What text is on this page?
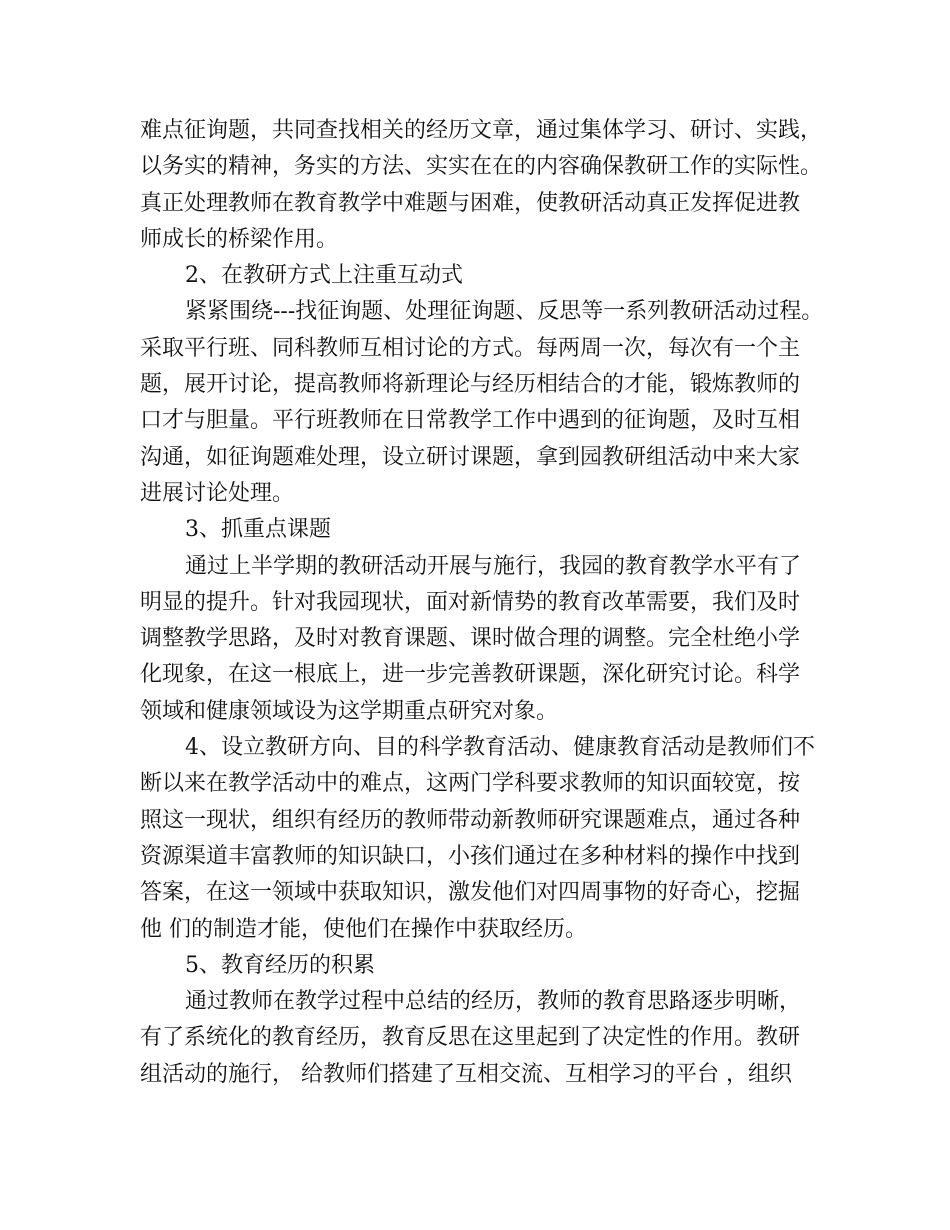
难点征询题，共同查找相关的经历文章，通过集体学习、研讨、实践，
以务实的精神，务实的方法、实实在在的内容确保教研工作的实际性。
真正处理教师在教育教学中难题与困难，使教研活动真正发挥促进教
师成长的桥梁作用。
2、在教研方式上注重互动式
紧紧围绕---找征询题、处理征询题、反思等一系列教研活动过程。
采取平行班、同科教师互相讨论的方式。每两周一次，每次有一个主
题，展开讨论，提高教师将新理论与经历相结合的才能，锻炼教师的
口才与胆量。平行班教师在日常教学工作中遇到的征询题，及时互相
沟通，如征询题难处理，设立研讨课题，拿到园教研组活动中来大家
进展讨论处理。
3、抓重点课题
通过上半学期的教研活动开展与施行，我园的教育教学水平有了
明显的提升。针对我园现状，面对新情势的教育改革需要，我们及时
调整教学思路，及时对教育课题、课时做合理的调整。完全杜绝小学
化现象，在这一根底上，进一步完善教研课题，深化研究讨论。科学
领域和健康领域设为这学期重点研究对象。
4、设立教研方向、目的科学教育活动、健康教育活动是教师们不
断以来在教学活动中的难点，这两门学科要求教师的知识面较宽，按
照这一现状，组织有经历的教师带动新教师研究课题难点，通过各种
资源渠道丰富教师的知识缺口，小孩们通过在多种材料的操作中找到
答案，在这一领域中获取知识，激发他们对四周事物的好奇心，挖掘
他 们的制造才能，使他们在操作中获取经历。
5、教育经历的积累
通过教师在教学过程中总结的经历，教师的教育思路逐步明晰，
有了系统化的教育经历，教育反思在这里起到了决定性的作用。教研
组活动的施行， 给教师们搭建了互相交流、互相学习的平台 ，组织
